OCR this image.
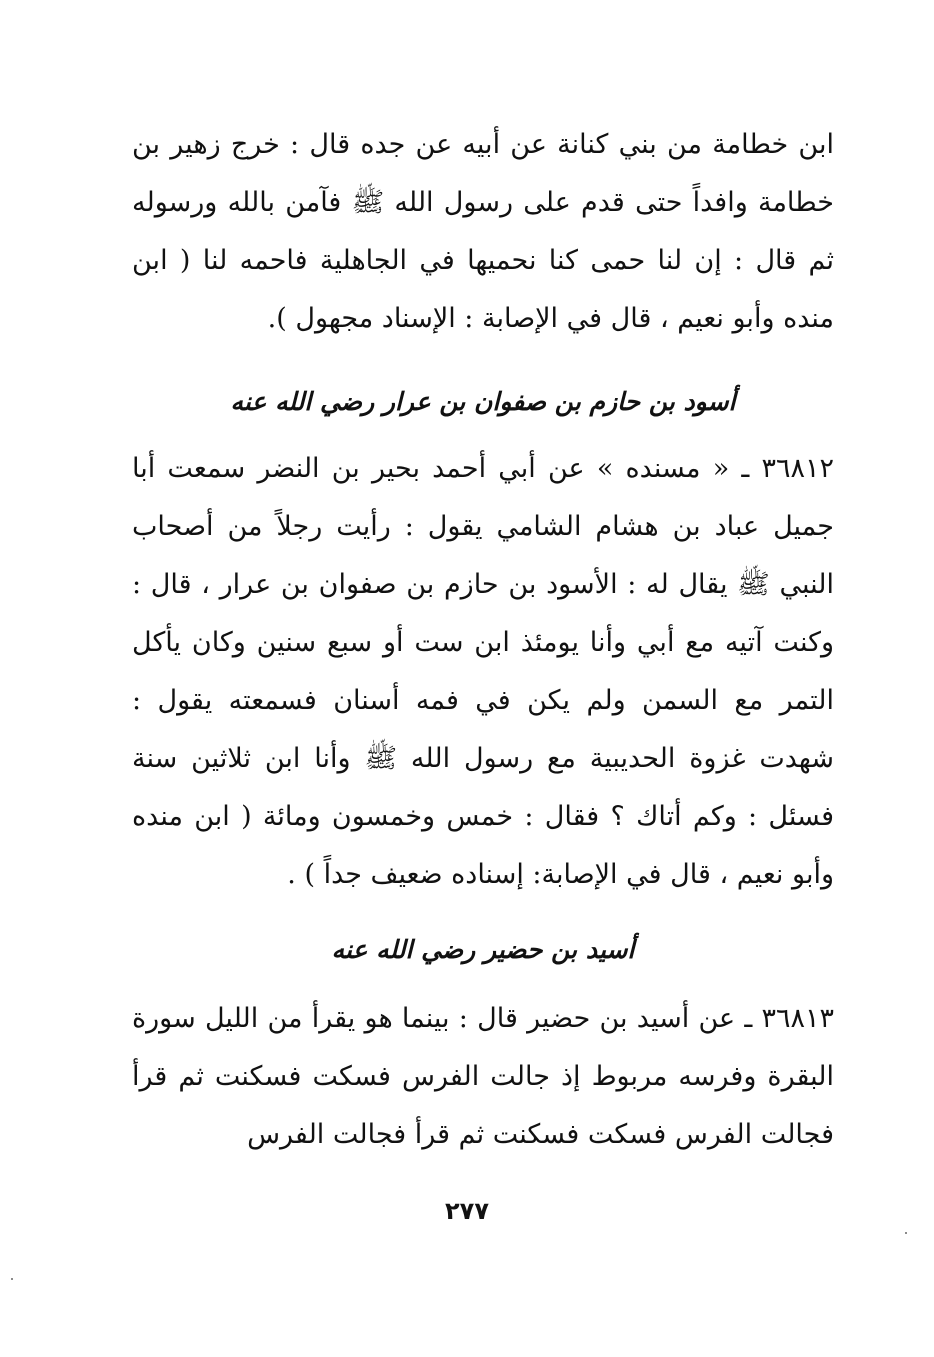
ابن خطامة من بني كنانة عن أبيه عن جده قال : خرج زهير بن خطامة وافداً حتى قدم على رسول الله ﷺ فآمن بالله ورسوله ثم قال : إن لنا حمى كنا نحميها في الجاهلية فاحمه لنا ( ابن منده وأبو نعيم ، قال في الإصابة : الإسناد مجهول ).

أسود بن حازم بن صفوان بن عرار رضي الله عنه

٣٦٨١٢ ـ « مسنده » عن أبي أحمد بحير بن النضر سمعت أبا جميل عباد بن هشام الشامي يقول : رأيت رجلاً من أصحاب النبي ﷺ يقال له : الأسود بن حازم بن صفوان بن عرار ، قال : وكنت آتيه مع أبي وأنا يومئذ ابن ست أو سبع سنين وكان يأكل التمر مع السمن ولم يكن في فمه أسنان فسمعته يقول : شهدت غزوة الحديبية مع رسول الله ﷺ وأنا ابن ثلاثين سنة فسئل : وكم أتاك ؟ فقال : خمس وخمسون ومائة ( ابن منده وأبو نعيم ، قال في الإصابة: إسناده ضعيف جداً ) .

أسيد بن حضير رضي الله عنه

٣٦٨١٣ ـ عن أسيد بن حضير قال : بينما هو يقرأ من الليل سورة البقرة وفرسه مربوط إذ جالت الفرس فسكت فسكنت ثم قرأ فجالت الفرس فسكت فسكنت ثم قرأ فجالت الفرس

٢٧٧
